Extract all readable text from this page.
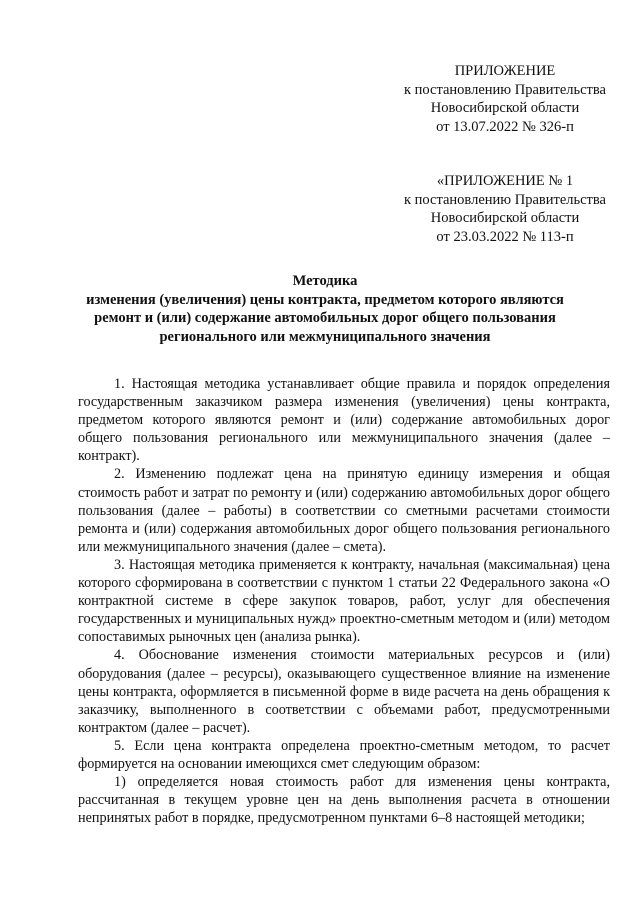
ПРИЛОЖЕНИЕ
к постановлению Правительства
Новосибирской области
от 13.07.2022 № 326-п
«ПРИЛОЖЕНИЕ № 1
к постановлению Правительства
Новосибирской области
от 23.03.2022 № 113-п
Методика
изменения (увеличения) цены контракта, предметом которого являются
ремонт и (или) содержание автомобильных дорог общего пользования
регионального или межмуниципального значения

1. Настоящая методика устанавливает общие правила и порядок определения государственным заказчиком размера изменения (увеличения) цены контракта, предметом которого являются ремонт и (или) содержание автомобильных дорог общего пользования регионального или межмуниципального значения (далее – контракт).

2. Изменению подлежат цена на принятую единицу измерения и общая стоимость работ и затрат по ремонту и (или) содержанию автомобильных дорог общего пользования (далее – работы) в соответствии со сметными расчетами стоимости ремонта и (или) содержания автомобильных дорог общего пользования регионального или межмуниципального значения (далее – смета).

3. Настоящая методика применяется к контракту, начальная (максимальная) цена которого сформирована в соответствии с пунктом 1 статьи 22 Федерального закона «О контрактной системе в сфере закупок товаров, работ, услуг для обеспечения государственных и муниципальных нужд» проектно-сметным методом и (или) методом сопоставимых рыночных цен (анализа рынка).

4. Обоснование изменения стоимости материальных ресурсов и (или) оборудования (далее – ресурсы), оказывающего существенное влияние на изменение цены контракта, оформляется в письменной форме в виде расчета на день обращения к заказчику, выполненного в соответствии с объемами работ, предусмотренными контрактом (далее – расчет).

5. Если цена контракта определена проектно-сметным методом, то расчет формируется на основании имеющихся смет следующим образом:

1) определяется новая стоимость работ для изменения цены контракта, рассчитанная в текущем уровне цен на день выполнения расчета в отношении непринятых работ в порядке, предусмотренном пунктами 6–8 настоящей методики;
